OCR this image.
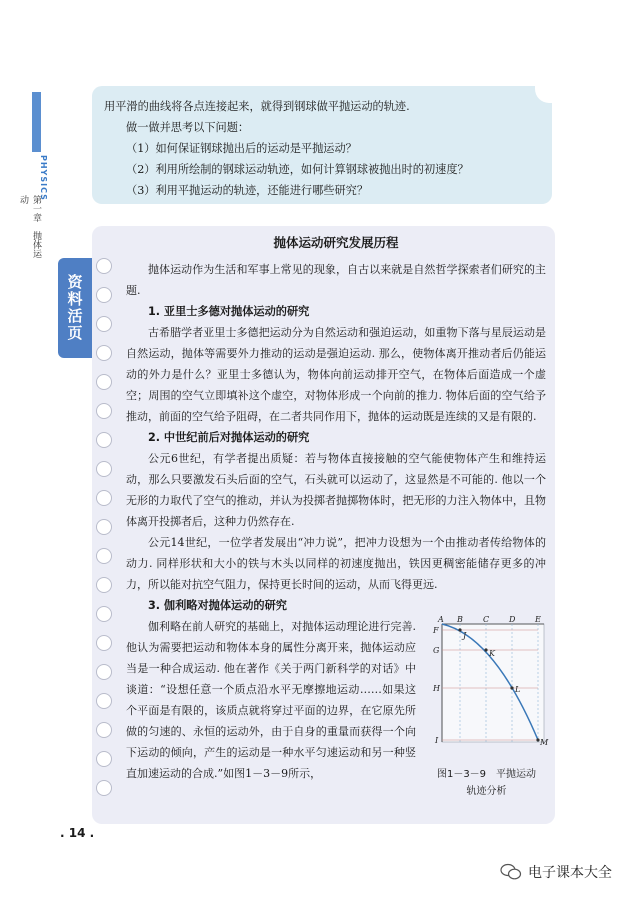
PHYSICS
第一章　抛体运动

用平滑的曲线将各点连接起来，就得到钢球做平抛运动的轨迹.

做一做并思考以下问题：

（1）如何保证钢球抛出后的运动是平抛运动？

（2）利用所绘制的钢球运动轨迹，如何计算钢球被抛出时的初速度？

（3）利用平抛运动的轨迹，还能进行哪些研究？

资料活页
抛体运动研究发展历程

抛体运动作为生活和军事上常见的现象，自古以来就是自然哲学探索者们研究的主题.

1. 亚里士多德对抛体运动的研究

古希腊学者亚里士多德把运动分为自然运动和强迫运动，如重物下落与星辰运动是自然运动，抛体等需要外力推动的运动是强迫运动. 那么，使物体离开推动者后仍能运动的外力是什么？亚里士多德认为，物体向前运动排开空气，在物体后面造成一个虚空；周围的空气立即填补这个虚空，对物体形成一个向前的推力. 物体后面的空气给予推动，前面的空气给予阻碍，在二者共同作用下，抛体的运动既是连续的又是有限的.

2. 中世纪前后对抛体运动的研究

公元6世纪，有学者提出质疑：若与物体直接接触的空气能使物体产生和维持运动，那么只要激发石头后面的空气，石头就可以运动了，这显然是不可能的. 他以一个无形的力取代了空气的推动，并认为投掷者抛掷物体时，把无形的力注入物体中，且物体离开投掷者后，这种力仍然存在.

公元14世纪，一位学者发展出“冲力说”，把冲力设想为一个由推动者传给物体的动力. 同样形状和大小的铁与木头以同样的初速度抛出，铁因更稠密能储存更多的冲力，所以能对抗空气阻力，保持更长时间的运动，从而飞得更远.

3. 伽利略对抛体运动的研究

伽利略在前人研究的基础上，对抛体运动理论进行完善. 他认为需要把运动和物体本身的属性分离开来，抛体运动应当是一种合成运动. 他在著作《关于两门新科学的对话》中谈道：“设想任意一个质点沿水平无摩擦地运动……如果这个平面是有限的，该质点就将穿过平面的边界，在它原先所做的匀速的、永恒的运动外，由于自身的重量而获得一个向下运动的倾向，产生的运动是一种水平匀速运动和另一种竖直加速运动的合成.”如图1－3－9所示，

A B	C D E
F
G
H
I
J
K
L
M
图1－3－9　平抛运动
轨迹分析
. 14 .
电子课本大全
